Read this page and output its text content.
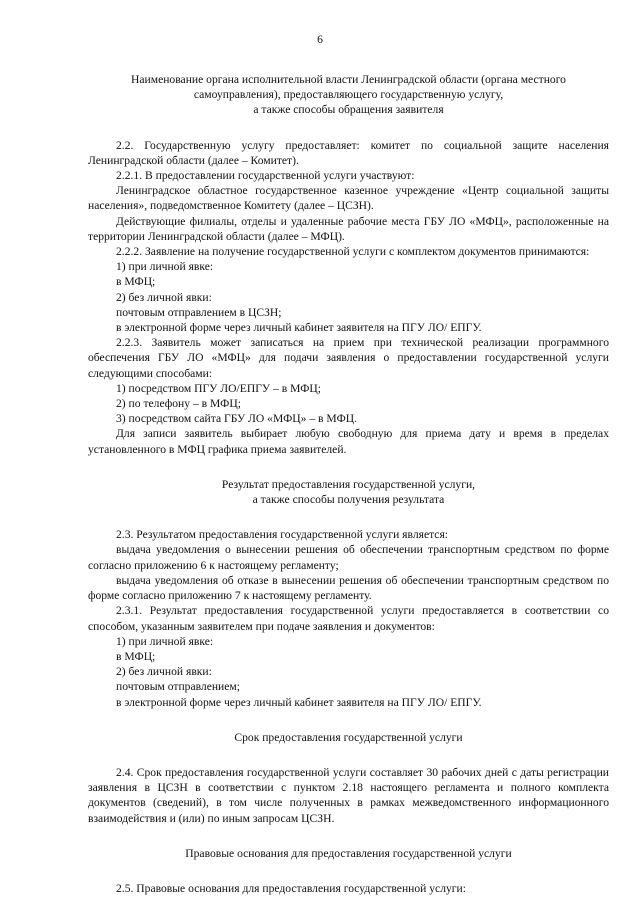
6
Наименование органа исполнительной власти Ленинградской области (органа местного
самоуправления), предоставляющего государственную услугу,
а также способы обращения заявителя

2.2. Государственную услугу предоставляет: комитет по социальной защите населения Ленинградской области (далее – Комитет).

2.2.1. В предоставлении государственной услуги участвуют:

Ленинградское областное государственное казенное учреждение «Центр социальной защиты населения», подведомственное Комитету (далее – ЦСЗН).

Действующие филиалы, отделы и удаленные рабочие места ГБУ ЛО «МФЦ», расположенные на территории Ленинградской области (далее – МФЦ).

2.2.2. Заявление на получение государственной услуги с комплектом документов принимаются:

1) при личной явке:

в МФЦ;

2) без личной явки:

почтовым отправлением в ЦСЗН;

в электронной форме через личный кабинет заявителя на ПГУ ЛО/ ЕПГУ.

2.2.3. Заявитель может записаться на прием при технической реализации программного обеспечения ГБУ ЛО «МФЦ» для подачи заявления о предоставлении государственной услуги следующими способами:

1) посредством ПГУ ЛО/ЕПГУ – в МФЦ;

2) по телефону – в МФЦ;

3) посредством сайта ГБУ ЛО «МФЦ» – в МФЦ.

Для записи заявитель выбирает любую свободную для приема дату и время в пределах установленного в МФЦ графика приема заявителей.

Результат предоставления государственной услуги,
а также способы получения результата

2.3. Результатом предоставления государственной услуги является:

выдача уведомления о вынесении решения об обеспечении транспортным средством по форме согласно приложению 6 к настоящему регламенту;

выдача уведомления об отказе в вынесении решения об обеспечении транспортным средством по форме согласно приложению 7 к настоящему регламенту.

2.3.1. Результат предоставления государственной услуги предоставляется в соответствии со способом, указанным заявителем при подаче заявления и документов:

1) при личной явке:

в МФЦ;

2) без личной явки:

почтовым отправлением;

в электронной форме через личный кабинет заявителя на ПГУ ЛО/ ЕПГУ.

Срок предоставления государственной услуги

2.4. Срок предоставления государственной услуги составляет 30 рабочих дней с даты регистрации заявления в ЦСЗН в соответствии с пунктом 2.18 настоящего регламента и полного комплекта документов (сведений), в том числе полученных в рамках межведомственного информационного взаимодействия и (или) по иным запросам ЦСЗН.

Правовые основания для предоставления государственной услуги

2.5. Правовые основания для предоставления государственной услуги:
